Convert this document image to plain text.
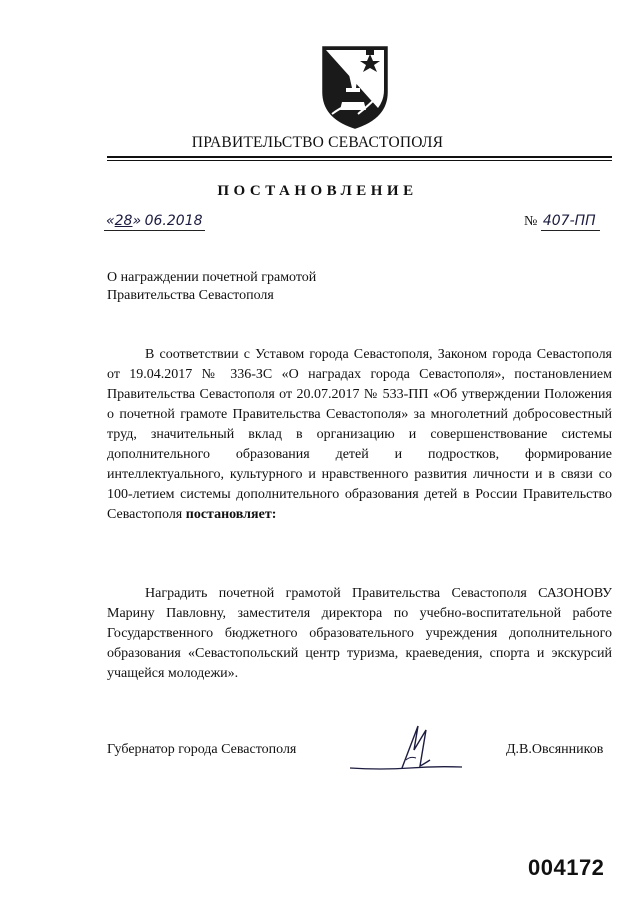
ПРАВИТЕЛЬСТВО СЕВАСТОПОЛЯ
ПОСТАНОВЛЕНИЕ
«28» 06.2018	№ 407-ПП
О награждении почетной грамотой
Правительства Севастополя
В соответствии с Уставом города Севастополя, Законом города Севастополя от 19.04.2017 № 336-ЗС «О наградах города Севастополя», постановлением Правительства Севастополя от 20.07.2017 № 533-ПП «Об утверждении Положения о почетной грамоте Правительства Севастополя» за многолетний добросовестный труд, значительный вклад в организацию и совершенствование системы дополнительного образования детей и подростков, формирование интеллектуального, культурного и нравственного развития личности и в связи со 100-летием системы дополнительного образования детей в России Правительство Севастополя постановляет:
Наградить почетной грамотой Правительства Севастополя САЗОНОВУ Марину Павловну, заместителя директора по учебно-воспитательной работе Государственного бюджетного образовательного учреждения дополнительного образования «Севастопольский центр туризма, краеведения, спорта и экскурсий учащейся молодежи».
Губернатор города Севастополя	Д.В.Овсянников
004172
